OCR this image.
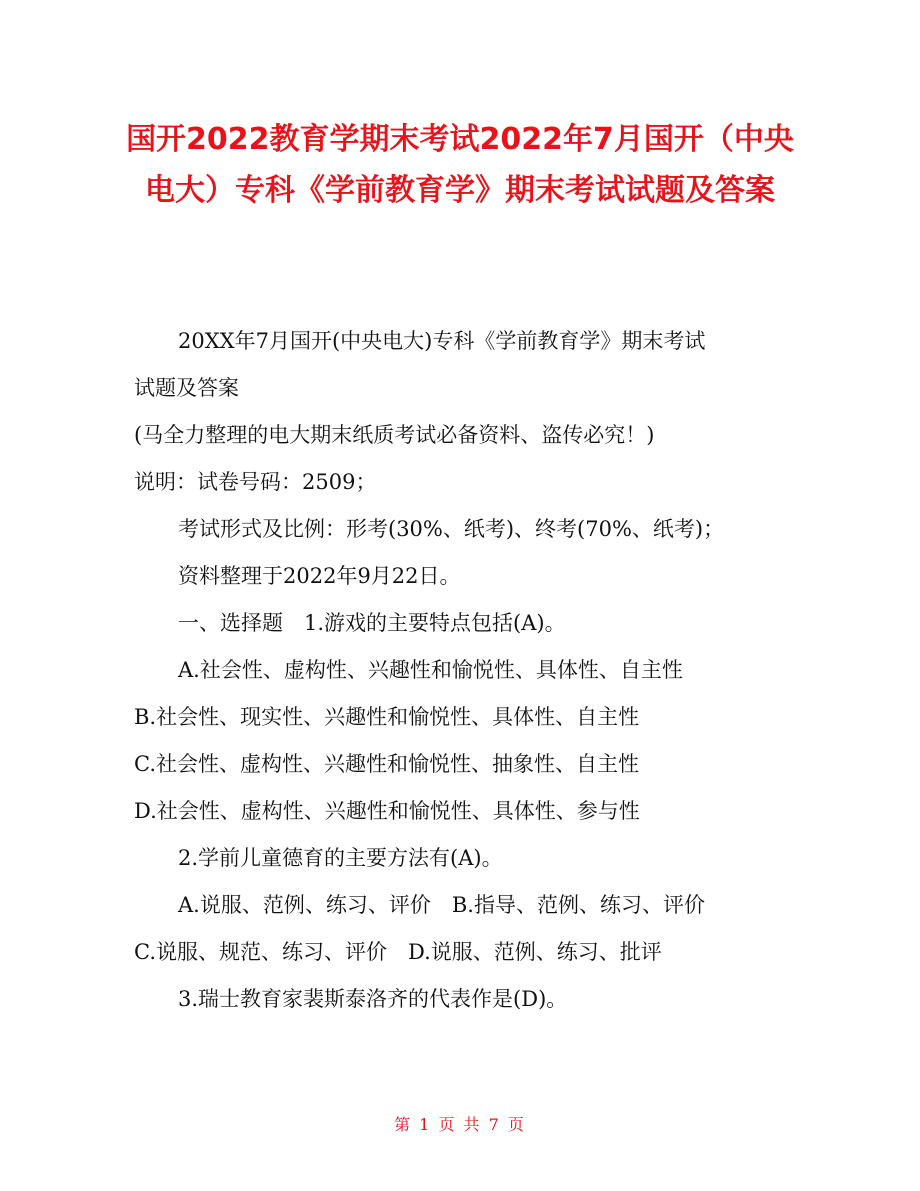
国开2022教育学期末考试2022年7月国开（中央电大）专科《学前教育学》期末考试试题及答案
20XX年7月国开(中央电大)专科《学前教育学》期末考试
试题及答案
(马全力整理的电大期末纸质考试必备资料、盗传必究！)
说明：试卷号码：2509；
考试形式及比例：形考(30%、纸考)、终考(70%、纸考)；
资料整理于2022年9月22日。
一、选择题　1.游戏的主要特点包括(A)。
A.社会性、虚构性、兴趣性和愉悦性、具体性、自主性
B.社会性、现实性、兴趣性和愉悦性、具体性、自主性
C.社会性、虚构性、兴趣性和愉悦性、抽象性、自主性
D.社会性、虚构性、兴趣性和愉悦性、具体性、参与性
2.学前儿童德育的主要方法有(A)。
A.说服、范例、练习、评价　B.指导、范例、练习、评价
C.说服、规范、练习、评价　D.说服、范例、练习、批评
3.瑞士教育家裴斯泰洛齐的代表作是(D)。
第 1 页 共 7 页
